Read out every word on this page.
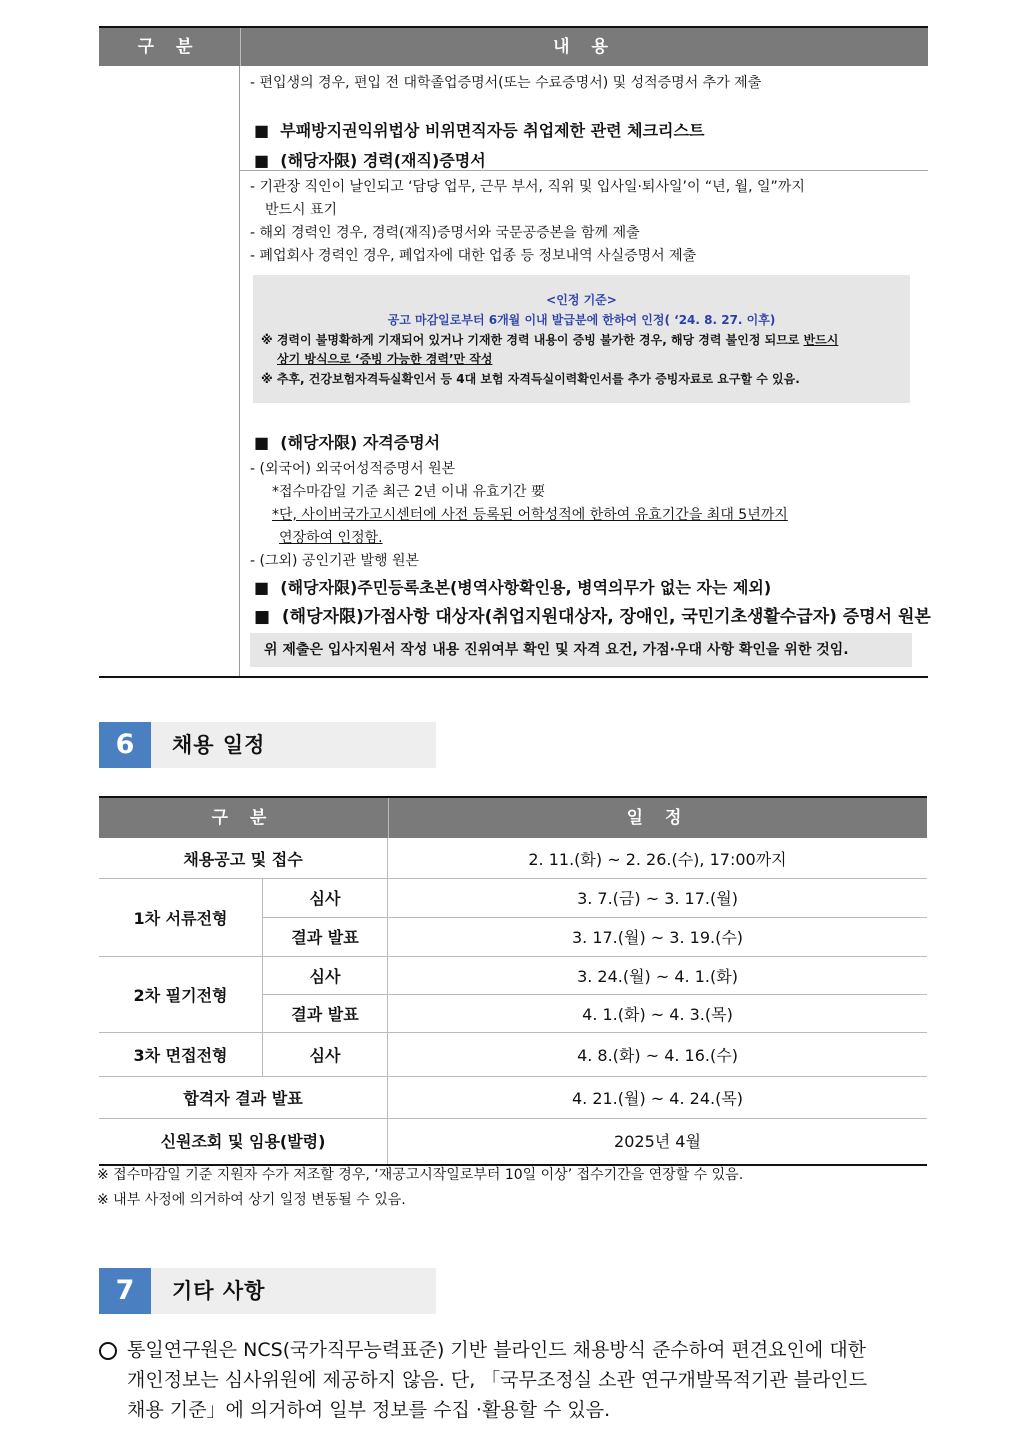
구 분	내 용
- 편입생의 경우, 편입 전 대학졸업증명서(또는 수료증명서) 및 성적증명서 추가 제출
■  부패방지권익위법상 비위면직자등 취업제한 관련 체크리스트
■  (해당자限) 경력(재직)증명서
- 기관장 직인이 날인되고 ‘담당 업무, 근무 부서, 직위 및 입사일·퇴사일’이 “년, 월, 일”까지
반드시 표기
- 해외 경력인 경우, 경력(재직)증명서와 국문공증본을 함께 제출
- 폐업회사 경력인 경우, 폐업자에 대한 업종 등 정보내역 사실증명서 제출
<인정 기준>
공고 마감일로부터 6개월 이내 발급분에 한하여 인정( ‘24. 8. 27. 이후)
※ 경력이 불명확하게 기재되어 있거나 기재한 경력 내용이 증빙 불가한 경우, 해당 경력 불인정 되므로 반드시
상기 방식으로 ‘증빙 가능한 경력’만 작성
※ 추후, 건강보험자격득실확인서 등 4대 보험 자격득실이력확인서를 추가 증빙자료로 요구할 수 있음.
■  (해당자限) 자격증명서
- (외국어) 외국어성적증명서 원본
*접수마감일 기준 최근 2년 이내 유효기간 要
*단, 사이버국가고시센터에 사전 등록된 어학성적에 한하여 유효기간을 최대 5년까지
연장하여 인정함.
- (그외) 공인기관 발행 원본
■  (해당자限)주민등록초본(병역사항확인용, 병역의무가 없는 자는 제외)
■  (해당자限)가점사항 대상자(취업지원대상자, 장애인, 국민기초생활수급자) 증명서 원본
위 제출은 입사지원서 작성 내용 진위여부 확인 및 자격 요건, 가점·우대 사항 확인을 위한 것임.
6	채용 일정
구 분	일 정
채용공고 및 접수	2. 11.(화) ~ 2. 26.(수), 17:00까지
1차 서류전형
심사	3. 7.(금) ~ 3. 17.(월)
결과 발표	3. 17.(월) ~ 3. 19.(수)
2차 필기전형
심사	3. 24.(월) ~ 4. 1.(화)
결과 발표	4. 1.(화) ~ 4. 3.(목)
3차 면접전형	심사	4. 8.(화) ~ 4. 16.(수)
합격자 결과 발표	4. 21.(월) ~ 4. 24.(목)
신원조회 및 임용(발령)	2025년 4월
※ 접수마감일 기준 지원자 수가 저조할 경우, ‘재공고시작일로부터 10일 이상’ 접수기간을 연장할 수 있음.
※ 내부 사정에 의거하여 상기 일정 변동될 수 있음.
7	기타 사항
통일연구원은 NCS(국가직무능력표준) 기반 블라인드 채용방식 준수하여 편견요인에 대한
개인정보는 심사위원에 제공하지 않음. 단, 「국무조정실 소관 연구개발목적기관 블라인드
채용 기준」에 의거하여 일부 정보를 수집 ·활용할 수 있음.
